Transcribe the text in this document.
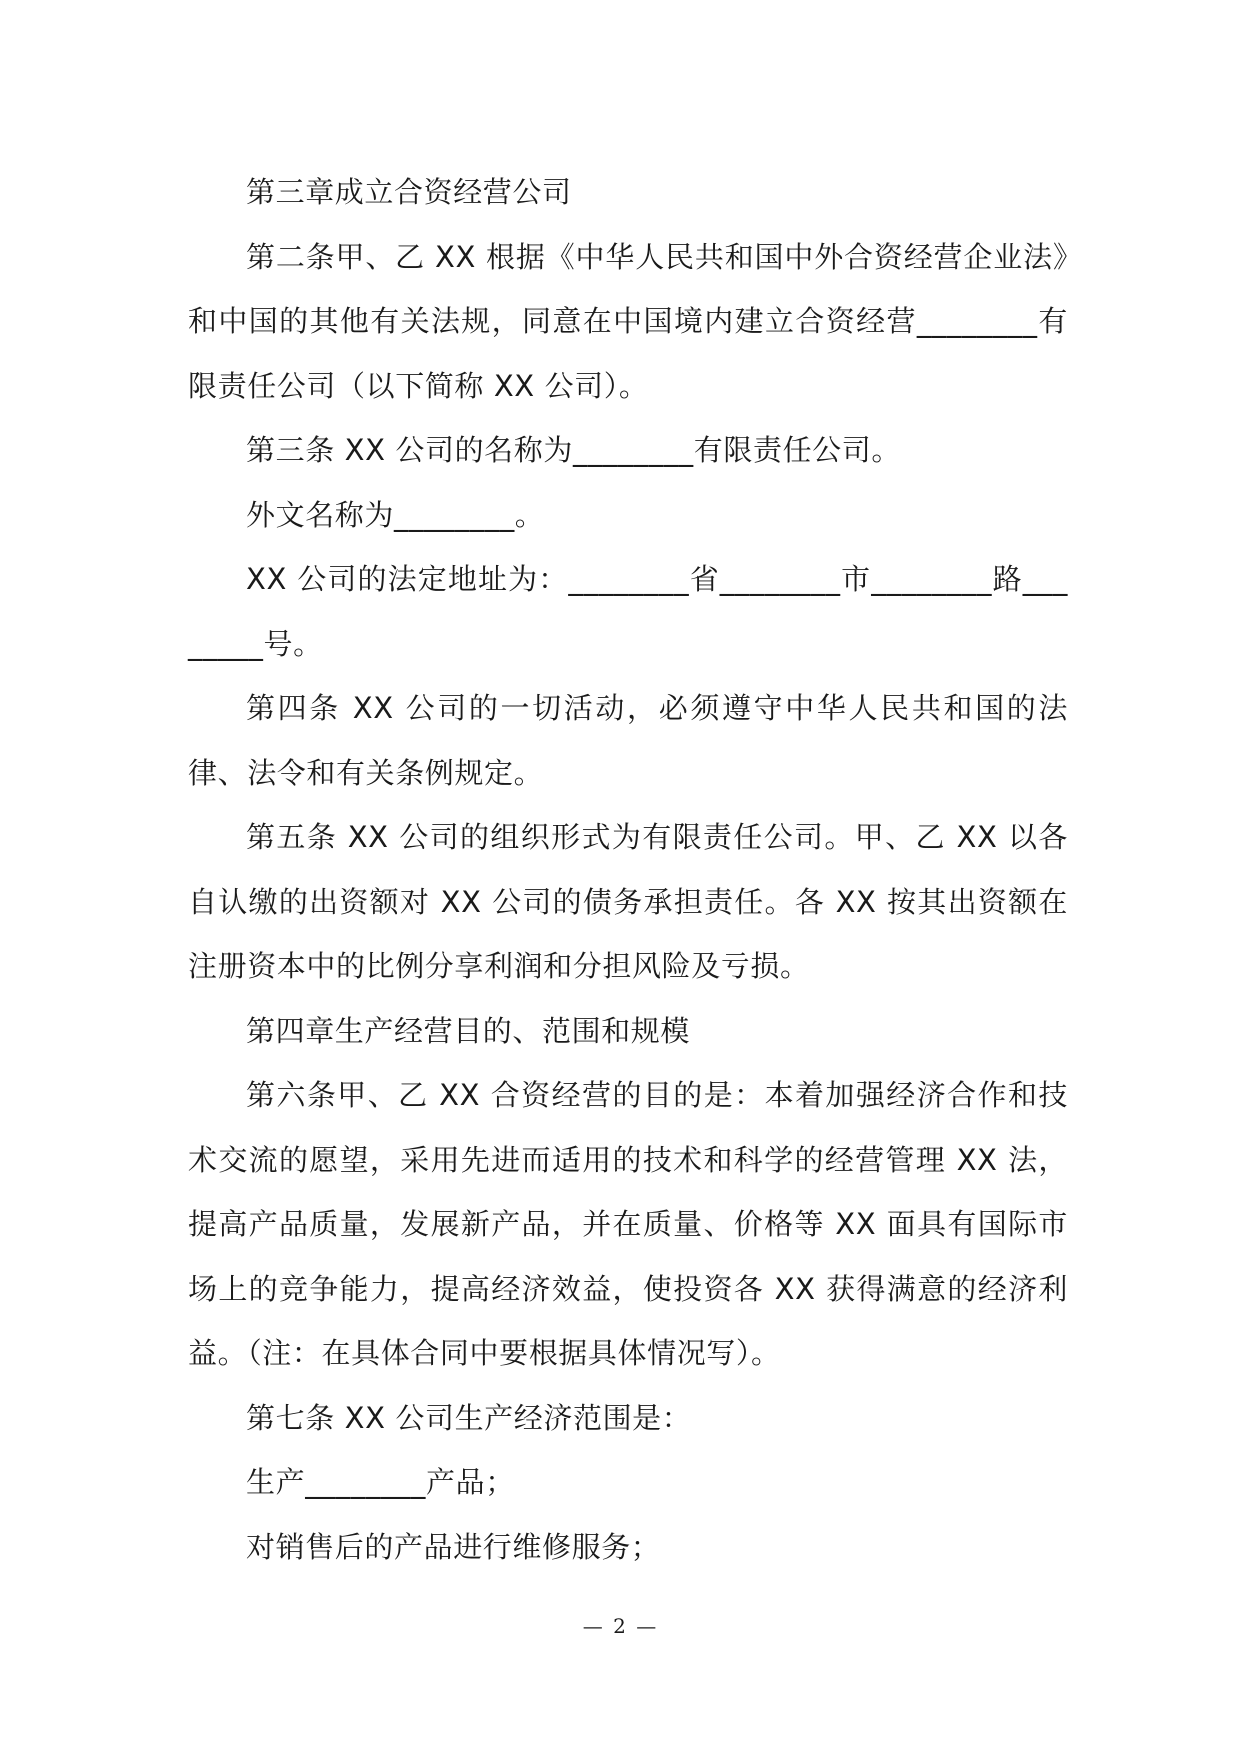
第三章成立合资经营公司

第二条甲、乙 XX 根据《中华人民共和国中外合资经营企业法》和中国的其他有关法规，同意在中国境内建立合资经营________有限责任公司（以下简称 XX 公司）。

第三条 XX 公司的名称为________有限责任公司。

外文名称为________。

XX 公司的法定地址为：________省________市________路________号。

第四条 XX 公司的一切活动，必须遵守中华人民共和国的法律、法令和有关条例规定。

第五条 XX 公司的组织形式为有限责任公司。甲、乙 XX 以各自认缴的出资额对 XX 公司的债务承担责任。各 XX 按其出资额在注册资本中的比例分享利润和分担风险及亏损。

第四章生产经营目的、范围和规模

第六条甲、乙 XX 合资经营的目的是：本着加强经济合作和技术交流的愿望，采用先进而适用的技术和科学的经营管理 XX 法，提高产品质量，发展新产品，并在质量、价格等 XX 面具有国际市场上的竞争能力，提高经济效益，使投资各 XX 获得满意的经济利益。（注：在具体合同中要根据具体情况写）。

第七条 XX 公司生产经济范围是：

生产________产品；

对销售后的产品进行维修服务；

— 2 —
